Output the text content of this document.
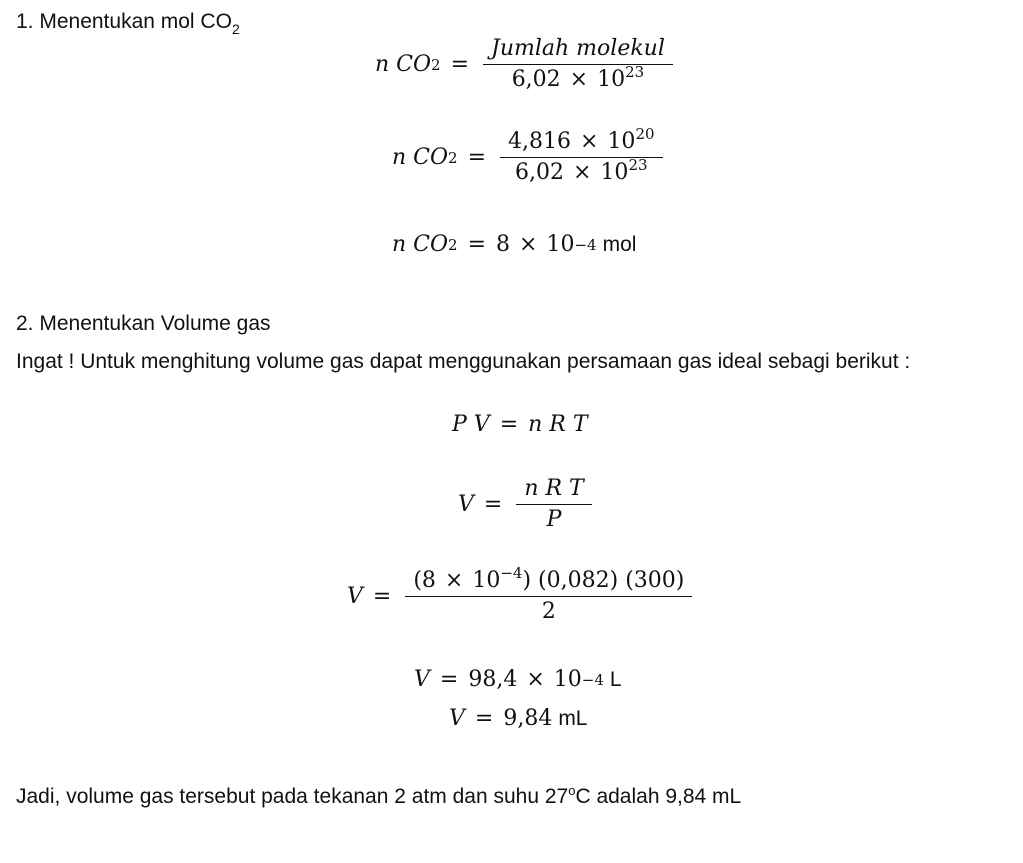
1. Menentukan mol $CO_2$
n CO $2 = \frac{\text{Jumlah molekul}}{6,02 \times 10^{23}}$
n CO $2 = \frac{4,816 \times 10^{20}}{6,02 \times 10^{23}}$
n CO 2 = 8 × 10 −4 mol
2. Menentukan Volume gas
Ingat ! Untuk menghitung volume gas dapat menggunakan persamaan gas ideal sebagi berikut :
P V = n R T
$V = \frac{\text{n R T}}{P}$
$V = \frac{(8 \times 10^{-4}) (0,082) (300)}{2}$
V = 98,4 × 10 −4 L
V = 9,84 mL
Jadi, volume gas tersebut pada tekanan 2 atm dan suhu 27$^o$C adalah 9,84 mL
